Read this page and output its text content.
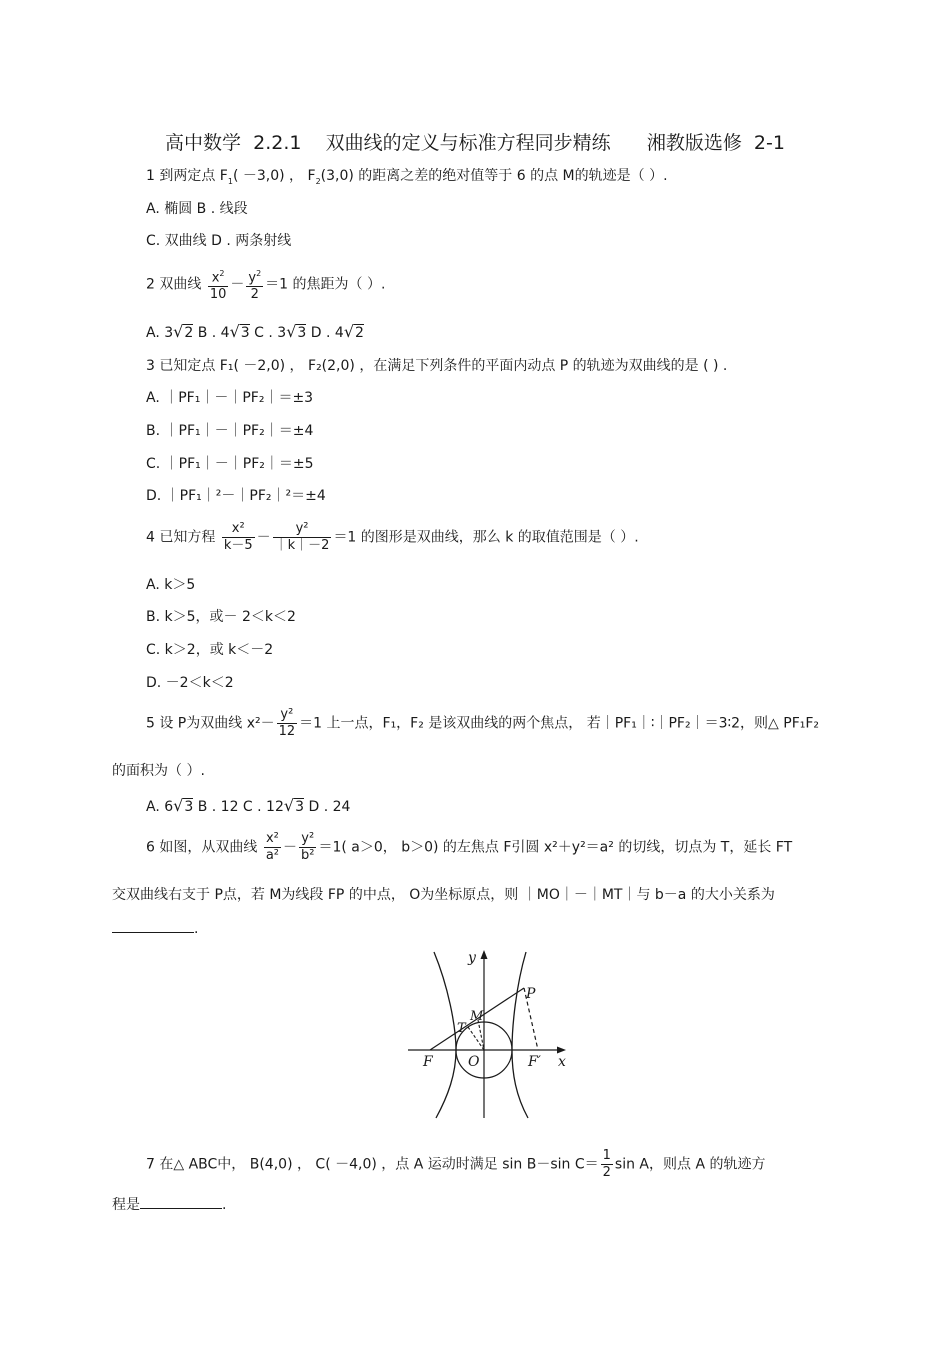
高中数学  2.2.1    双曲线的定义与标准方程同步精练      湘教版选修  2-1
1 到两定点 $F_1( -3,0)$ ， $F_2(3,0)$ 的距离之差的绝对值等于 6 的点 M的轨迹是（ ）.
A. 椭圆 B . 线段
C. 双曲线 D . 两条射线
2 双曲线 $\frac{x^2}{10} - \frac{y^2}{2} =1$ 的焦距为（ ）.
A. 3√2 B . 4√3 C . 3√3 D . 4√2
3 已知定点 F₁( －2,0) ， F₂(2,0) ，在满足下列条件的平面内动点 P 的轨迹为双曲线的是 ( ) .
A. ｜PF₁｜－｜PF₂｜＝±3
B. ｜PF₁｜－｜PF₂｜＝±4
C. ｜PF₁｜－｜PF₂｜＝±5
D. ｜PF₁｜²－｜PF₂｜²＝±4
4 已知方程 $\frac{\text{x²}}{k-5} - \frac{\text{y²}}{|k|-2} =1$ 的图形是双曲线，那么 k 的取值范围是（ ）.
A. k＞5
B. k＞5，或－ 2＜k＜2
C. k＞2，或 k＜－2
D. －2＜k＜2
5 设 P为双曲线 $x^2- \frac{\text{y²}}{12} =1$ 上一点，F₁，F₂ 是该双曲线的两个焦点， 若｜PF₁｜∶｜PF₂｜＝3∶2，则△ PF₁F₂
的面积为（ ）.
A. 6√3 B . 12 C . 12√3 D . 24
6 如图，从双曲线 $\frac{\text{x²}}{\text{a²}} - \frac{\text{y²}}{\text{b²}} =1$( a＞0， b＞0) 的左焦点 F引圆 x²＋y²＝a² 的切线，切点为 T，延长 FT
交双曲线右支于 P点，若 M为线段 FP 的中点， O为坐标原点，则 ｜MO｜－｜MT｜与 b－a 的大小关系为
.
y
x
P
T
M
F	O	F′
7 在△ ABC中， B(4,0) ， C( －4,0) ，点 A 运动时满足 sin B－sin $C= \frac{1}{2}$ sin A，则点 A 的轨迹方
程是	.
